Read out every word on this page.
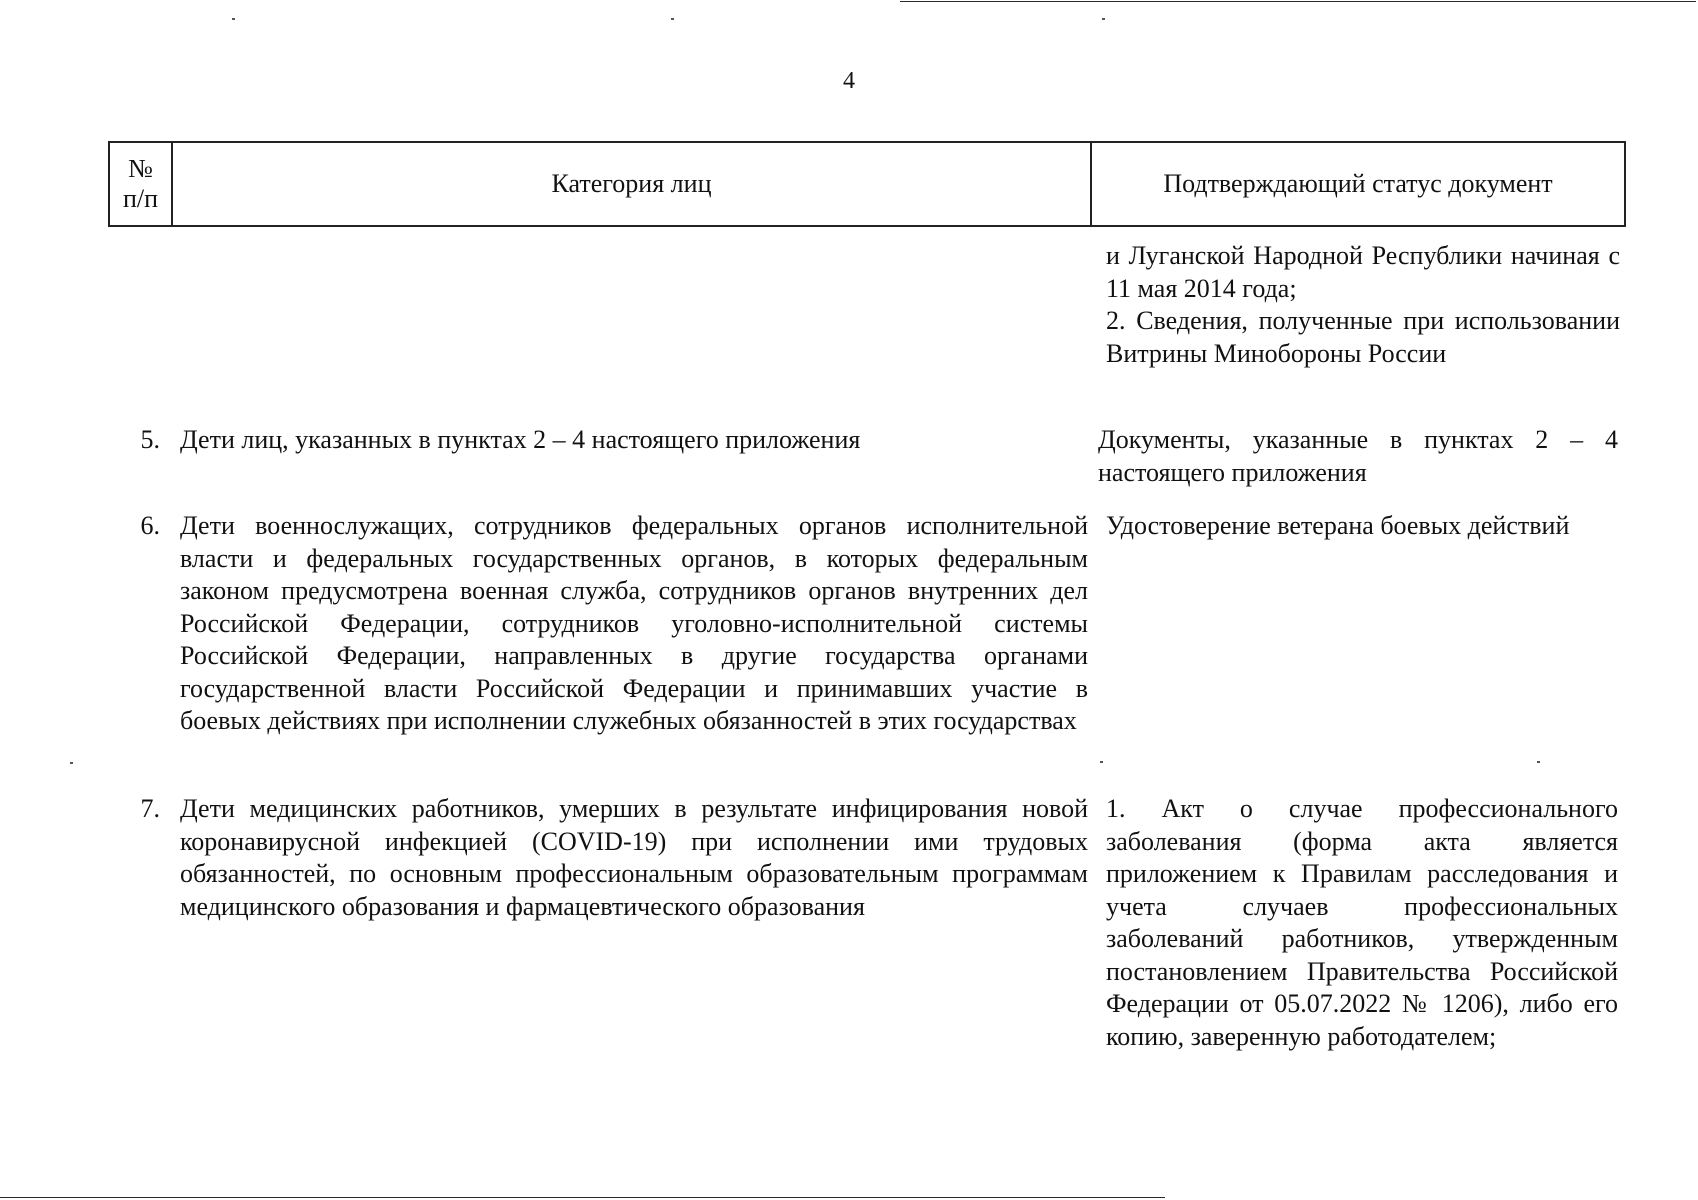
4
№ п/п
Категория лиц	Подтверждающий статус документ

и Луганской Народной Республики начиная с 11 мая 2014 года;

2. Сведения, полученные при использовании Витрины Минобороны России

5. Дети лиц, указанных в пунктах 2 – 4 настоящего приложения	Документы, указанные в пунктах 2 – 4 настоящего приложения

6. Дети военнослужащих, сотрудников федеральных органов исполнительной власти и федеральных государственных органов, в которых федеральным законом предусмотрена военная служба, сотрудников органов внутренних дел Российской Федерации, сотрудников уголовно-исполнительной системы Российской Федерации, направленных в другие государства органами государственной власти Российской Федерации и принимавших участие в боевых действиях при исполнении служебных обязанностей в этих государствах

Удостоверение ветерана боевых действий

7. Дети медицинских работников, умерших в результате инфицирования новой коронавирусной инфекцией (COVID-19) при исполнении ими трудовых обязанностей, по основным профессиональным образовательным программам медицинского образования и фармацевтического образования

1. Акт о случае профессионального заболевания (форма акта является приложением к Правилам расследования и учета случаев профессиональных заболеваний работников, утвержденным постановлением Правительства Российской Федерации от 05.07.2022 № 1206), либо его копию, заверенную работодателем;
